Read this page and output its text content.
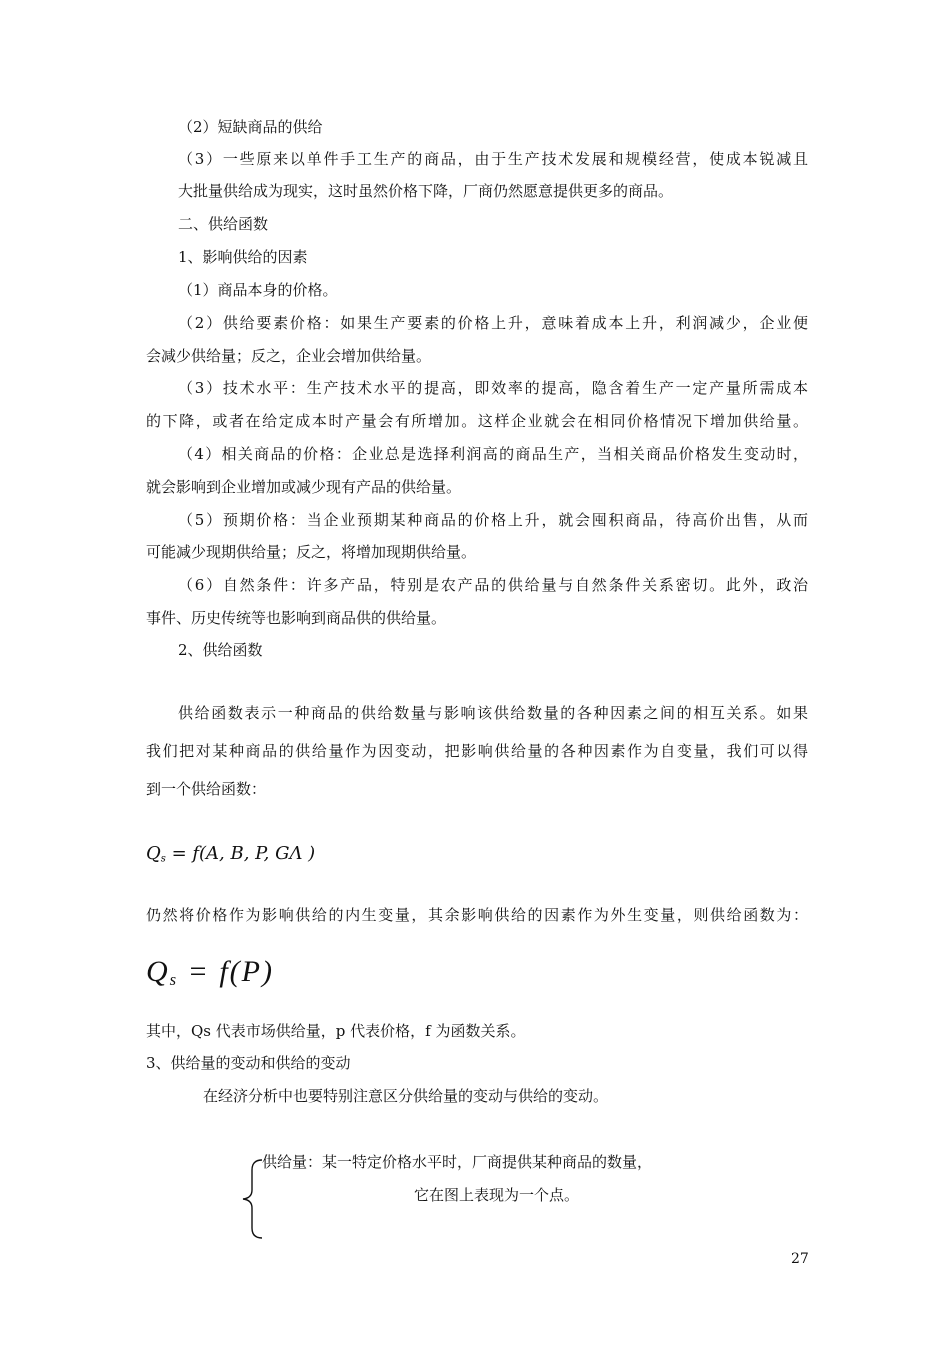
（2）短缺商品的供给
（3）一些原来以单件手工生产的商品，由于生产技术发展和规模经营，使成本锐减且
大批量供给成为现实，这时虽然价格下降，厂商仍然愿意提供更多的商品。
二、供给函数
1、影响供给的因素
（1）商品本身的价格。
（2）供给要素价格：如果生产要素的价格上升，意味着成本上升，利润减少，企业便
会减少供给量；反之，企业会增加供给量。
（3）技术水平：生产技术水平的提高，即效率的提高，隐含着生产一定产量所需成本
的下降，或者在给定成本时产量会有所增加。这样企业就会在相同价格情况下增加供给量。
（4）相关商品的价格：企业总是选择利润高的商品生产，当相关商品价格发生变动时，
就会影响到企业增加或减少现有产品的供给量。
（5）预期价格：当企业预期某种商品的价格上升，就会囤积商品，待高价出售，从而
可能减少现期供给量；反之，将增加现期供给量。
（6）自然条件：许多产品，特别是农产品的供给量与自然条件关系密切。此外，政治
事件、历史传统等也影响到商品供的供给量。
2、供给函数
供给函数表示一种商品的供给数量与影响该供给数量的各种因素之间的相互关系。如果
我们把对某种商品的供给量作为因变动，把影响供给量的各种因素作为自变量，我们可以得
到一个供给函数：
$Q_s = f(A$, B, P, GΛ )
仍然将价格作为影响供给的内生变量，其余影响供给的因素作为外生变量，则供给函数为：
$Q_s = f(P)$
其中，Qs 代表市场供给量，p 代表价格，f 为函数关系。
3、供给量的变动和供给的变动
在经济分析中也要特别注意区分供给量的变动与供给的变动。
供给量：某一特定价格水平时，厂商提供某种商品的数量，
它在图上表现为一个点。
27
